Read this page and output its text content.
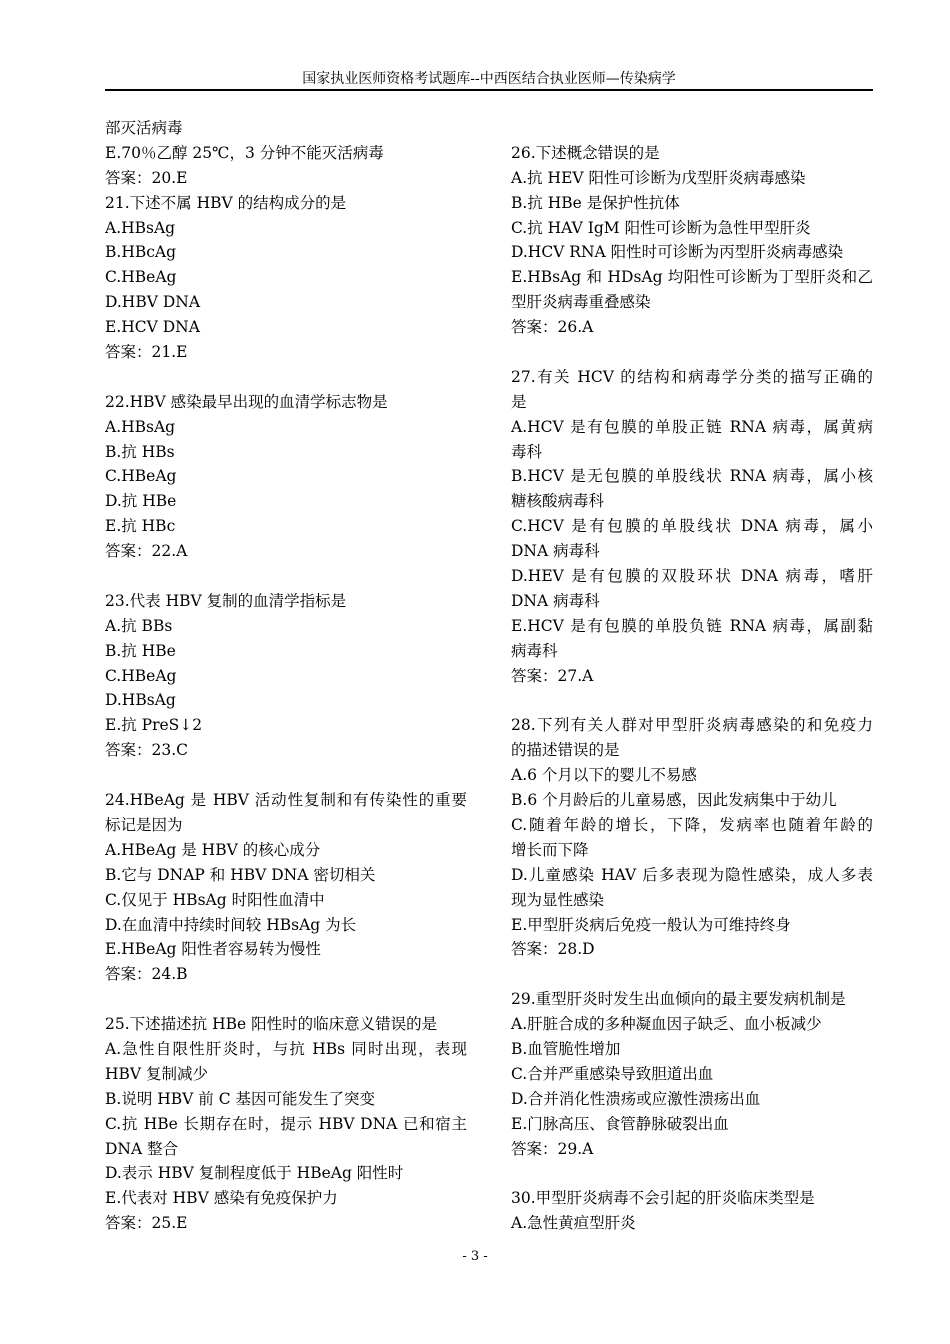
国家执业医师资格考试题库--中西医结合执业医师—传染病学
部灭活病毒
E.70％乙醇 25℃，3 分钟不能灭活病毒
答案：20.E
21.下述不属 HBV 的结构成分的是
A.HBsAg
B.HBcAg
C.HBeAg
D.HBV DNA
E.HCV DNA
答案：21.E
22.HBV 感染最早出现的血清学标志物是
A.HBsAg
B.抗 HBs
C.HBeAg
D.抗 HBe
E.抗 HBc
答案：22.A
23.代表 HBV 复制的血清学指标是
A.抗 BBs
B.抗 HBe
C.HBeAg
D.HBsAg
E.抗 PreS↓2
答案：23.C
24.HBeAg 是 HBV 活动性复制和有传染性的重要
标记是因为
A.HBeAg 是 HBV 的核心成分
B.它与 DNAP 和 HBV DNA 密切相关
C.仅见于 HBsAg 时阳性血清中
D.在血清中持续时间较 HBsAg 为长
E.HBeAg 阳性者容易转为慢性
答案：24.B
25.下述描述抗 HBe 阳性时的临床意义错误的是
A.急性自限性肝炎时，与抗 HBs 同时出现，表现
HBV 复制减少
B.说明 HBV 前 C 基因可能发生了突变
C.抗 HBe 长期存在时，提示 HBV DNA 已和宿主
DNA 整合
D.表示 HBV 复制程度低于 HBeAg 阳性时
E.代表对 HBV 感染有免疫保护力
答案：25.E
26.下述概念错误的是
A.抗 HEV 阳性可诊断为戊型肝炎病毒感染
B.抗 HBe 是保护性抗体
C.抗 HAV IgM 阳性可诊断为急性甲型肝炎
D.HCV RNA 阳性时可诊断为丙型肝炎病毒感染
E.HBsAg 和 HDsAg 均阳性可诊断为丁型肝炎和乙
型肝炎病毒重叠感染
答案：26.A
27.有关 HCV 的结构和病毒学分类的描写正确的
是
A.HCV 是有包膜的单股正链 RNA 病毒，属黄病
毒科
B.HCV 是无包膜的单股线状 RNA 病毒，属小核
糖核酸病毒科
C.HCV 是有包膜的单股线状 DNA 病毒，属小
DNA 病毒科
D.HEV 是有包膜的双股环状 DNA 病毒，嗜肝
DNA 病毒科
E.HCV 是有包膜的单股负链 RNA 病毒，属副黏
病毒科
答案：27.A
28.下列有关人群对甲型肝炎病毒感染的和免疫力
的描述错误的是
A.6 个月以下的婴儿不易感
B.6 个月龄后的儿童易感，因此发病集中于幼儿
C.随着年龄的增长，下降，发病率也随着年龄的
增长而下降
D.儿童感染 HAV 后多表现为隐性感染，成人多表
现为显性感染
E.甲型肝炎病后免疫一般认为可维持终身
答案：28.D
29.重型肝炎时发生出血倾向的最主要发病机制是
A.肝脏合成的多种凝血因子缺乏、血小板减少
B.血管脆性增加
C.合并严重感染导致胆道出血
D.合并消化性溃疡或应激性溃疡出血
E.门脉高压、食管静脉破裂出血
答案：29.A
30.甲型肝炎病毒不会引起的肝炎临床类型是
A.急性黄疸型肝炎
- 3 -
